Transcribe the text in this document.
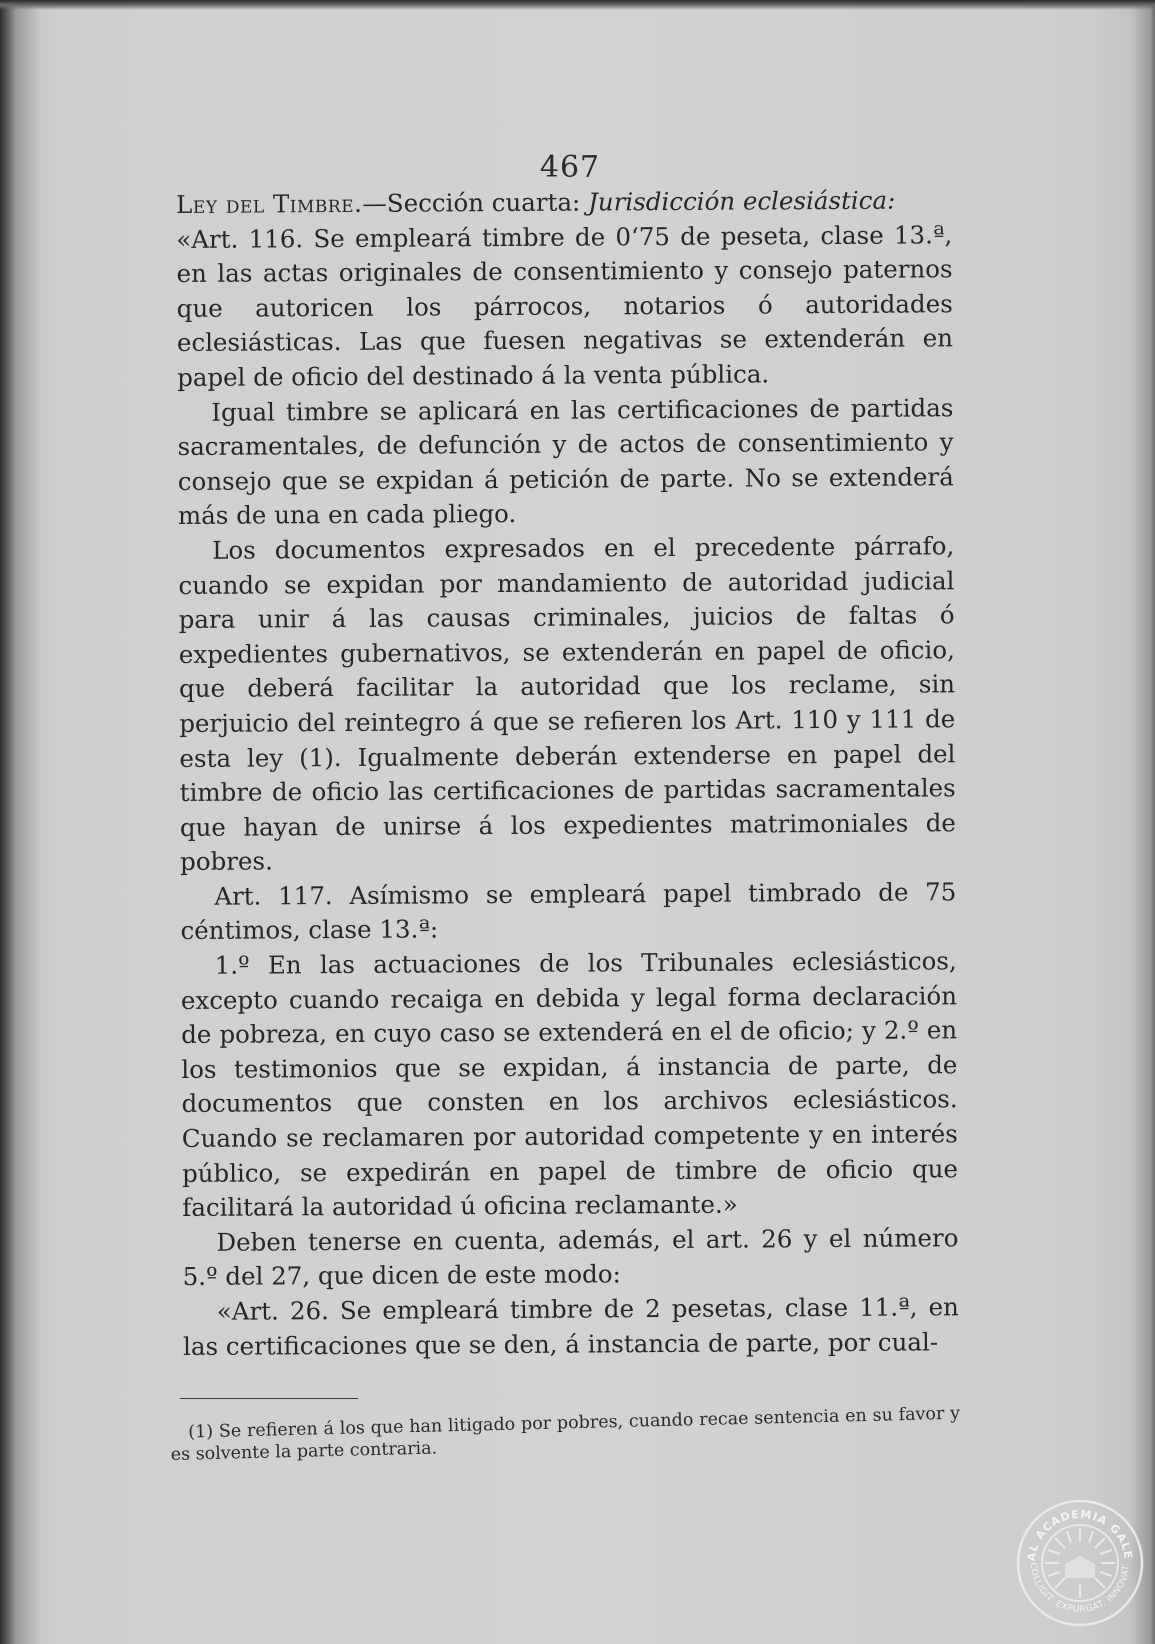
467

Ley del Timbre.—Sección cuarta: Jurisdicción eclesiástica:

«Art. 116. Se empleará timbre de 0‘75 de peseta, clase 13.ª, en las actas originales de consentimiento y consejo paternos que autoricen los párrocos, notarios ó autoridades eclesiásticas. Las que fuesen negativas se extenderán en papel de oficio del destinado á la venta pública.

Igual timbre se aplicará en las certificaciones de partidas sacramentales, de defunción y de actos de consentimiento y consejo que se expidan á petición de parte. No se extenderá más de una en cada pliego.

Los documentos expresados en el precedente párrafo, cuando se expidan por mandamiento de autoridad judicial para unir á las causas criminales, juicios de faltas ó expedientes gubernativos, se extenderán en papel de oficio, que deberá facilitar la autoridad que los reclame, sin perjuicio del reintegro á que se refieren los Art. 110 y 111 de esta ley (1). Igualmente deberán extenderse en papel del timbre de oficio las certificaciones de partidas sacramentales que hayan de unirse á los expedientes matrimoniales de pobres.

Art. 117. Asímismo se empleará papel timbrado de 75 céntimos, clase 13.ª:

1.º En las actuaciones de los Tribunales eclesiásticos, excepto cuando recaiga en debida y legal forma declaración de pobreza, en cuyo caso se extenderá en el de oficio; y 2.º en los testimonios que se expidan, á instancia de parte, de documentos que consten en los archivos eclesiásticos. Cuando se reclamaren por autoridad competente y en interés público, se expedirán en papel de timbre de oficio que facilitará la autoridad ú oficina reclamante.»

Deben tenerse en cuenta, además, el art. 26 y el número 5.º del 27, que dicen de este modo:

«Art. 26. Se empleará timbre de 2 pesetas, clase 11.ª, en las certificaciones que se den, á instancia de parte, por cual-

(1) Se refieren á los que han litigado por pobres, cuando recae sentencia en su favor y es solvente la parte contraria.

AL ACADEMIA GALE
COLLIGIT. EXPURGAT. INNOVAT.
